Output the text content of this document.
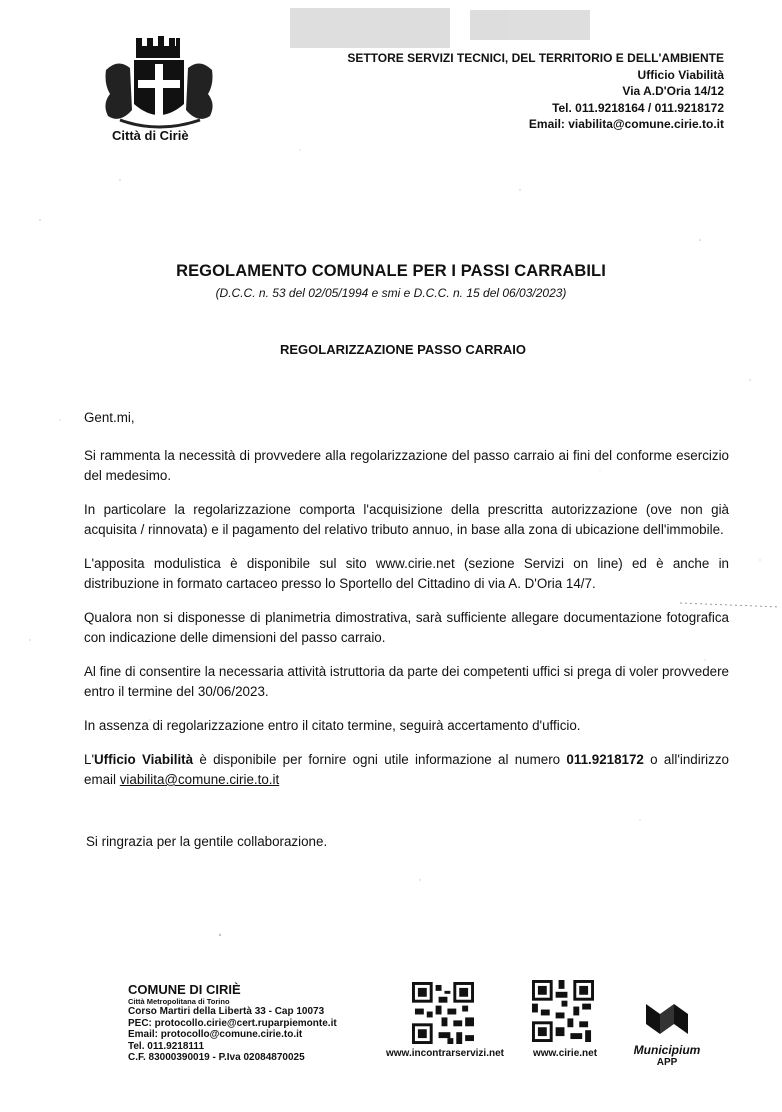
Città di Ciriè
SETTORE SERVIZI TECNICI, DEL TERRITORIO E DELL'AMBIENTE
Ufficio Viabilità
Via A.D'Oria 14/12
Tel. 011.9218164 / 011.9218172
Email: viabilita@comune.cirie.to.it
REGOLAMENTO COMUNALE PER I PASSI CARRABILI
(D.C.C. n. 53 del 02/05/1994 e smi e D.C.C. n. 15 del 06/03/2023)
REGOLARIZZAZIONE PASSO CARRAIO

Gent.mi,

Si rammenta la necessità di provvedere alla regolarizzazione del passo carraio ai fini del conforme esercizio del medesimo.

In particolare la regolarizzazione comporta l'acquisizione della prescritta autorizzazione (ove non già acquisita / rinnovata) e il pagamento del relativo tributo annuo, in base alla zona di ubicazione dell'immobile.

L'apposita modulistica è disponibile sul sito www.cirie.net (sezione Servizi on line) ed è anche in distribuzione in formato cartaceo presso lo Sportello del Cittadino di via A. D'Oria 14/7.

Qualora non si disponesse di planimetria dimostrativa, sarà sufficiente allegare documentazione fotografica con indicazione delle dimensioni del passo carraio.

Al fine di consentire la necessaria attività istruttoria da parte dei competenti uffici si prega di voler provvedere entro il termine del 30/06/2023.

In assenza di regolarizzazione entro il citato termine, seguirà accertamento d'ufficio.

L'Ufficio Viabilità è disponibile per fornire ogni utile informazione al numero 011.9218172 o all'indirizzo email viabilita@comune.cirie.to.it

Si ringrazia per la gentile collaborazione.
COMUNE DI CIRIÈ
Città Metropolitana di Torino
Corso Martiri della Libertà 33 - Cap 10073
PEC: protocollo.cirie@cert.ruparpiemonte.it
Email: protocollo@comune.cirie.to.it
Tel. 011.9218111
C.F. 83000390019 - P.Iva 02084870025	www.incontrarservizi.net	www.cirie.net	Municipium
APP
